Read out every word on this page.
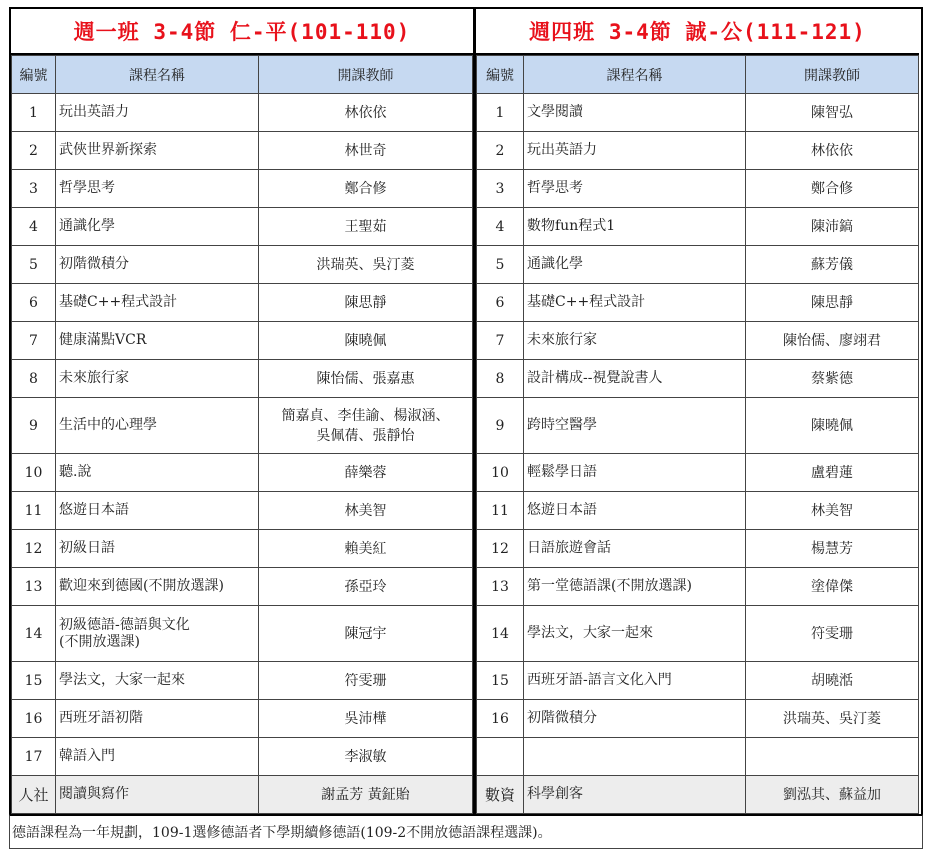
週一班 3-4節 仁-平(101-110)
編號	課程名稱	開課教師
1	玩出英語力	林依依
2	武俠世界新探索	林世奇
3	哲學思考	鄭合修
4	通識化學	王聖茹
5	初階微積分	洪瑞英、吳汀菱
6	基礎C++程式設計	陳思靜
7	健康滿點VCR	陳曉佩
8	未來旅行家	陳怡儒、張嘉惠
9	生活中的心理學	簡嘉貞、李佳諭、楊淑涵、
吳佩蒨、張靜怡
10	聽.說	薛樂蓉
11	悠遊日本語	林美智
12	初級日語	賴美紅
13	歡迎來到德國(不開放選課)	孫亞玲
14	初級德語-德語與文化
(不開放選課)	陳冠宇
15	學法文，大家一起來	符雯珊
16	西班牙語初階	吳沛樺
17	韓語入門	李淑敏
人社	閱讀與寫作	謝孟芳 黃鉦貽
週四班 3-4節 誠-公(111-121)
編號	課程名稱	開課教師
1	文學閱讀	陳智弘
2	玩出英語力	林依依
3	哲學思考	鄭合修
4	數物fun程式1	陳沛鎬
5	通識化學	蘇芳儀
6	基礎C++程式設計	陳思靜
7	未來旅行家	陳怡儒、廖翊君
8	設計構成--視覺說書人	蔡紫德
9	跨時空醫學	陳曉佩
10	輕鬆學日語	盧碧蓮
11	悠遊日本語	林美智
12	日語旅遊會話	楊慧芳
13	第一堂德語課(不開放選課)	塗偉傑
14	學法文，大家一起來	符雯珊
15	西班牙語-語言文化入門	胡曉湉
16	初階微積分	洪瑞英、吳汀菱

數資	科學創客	劉泓其、蘇益加
德語課程為一年規劃，109-1選修德語者下學期續修德語(109-2不開放德語課程選課)。
